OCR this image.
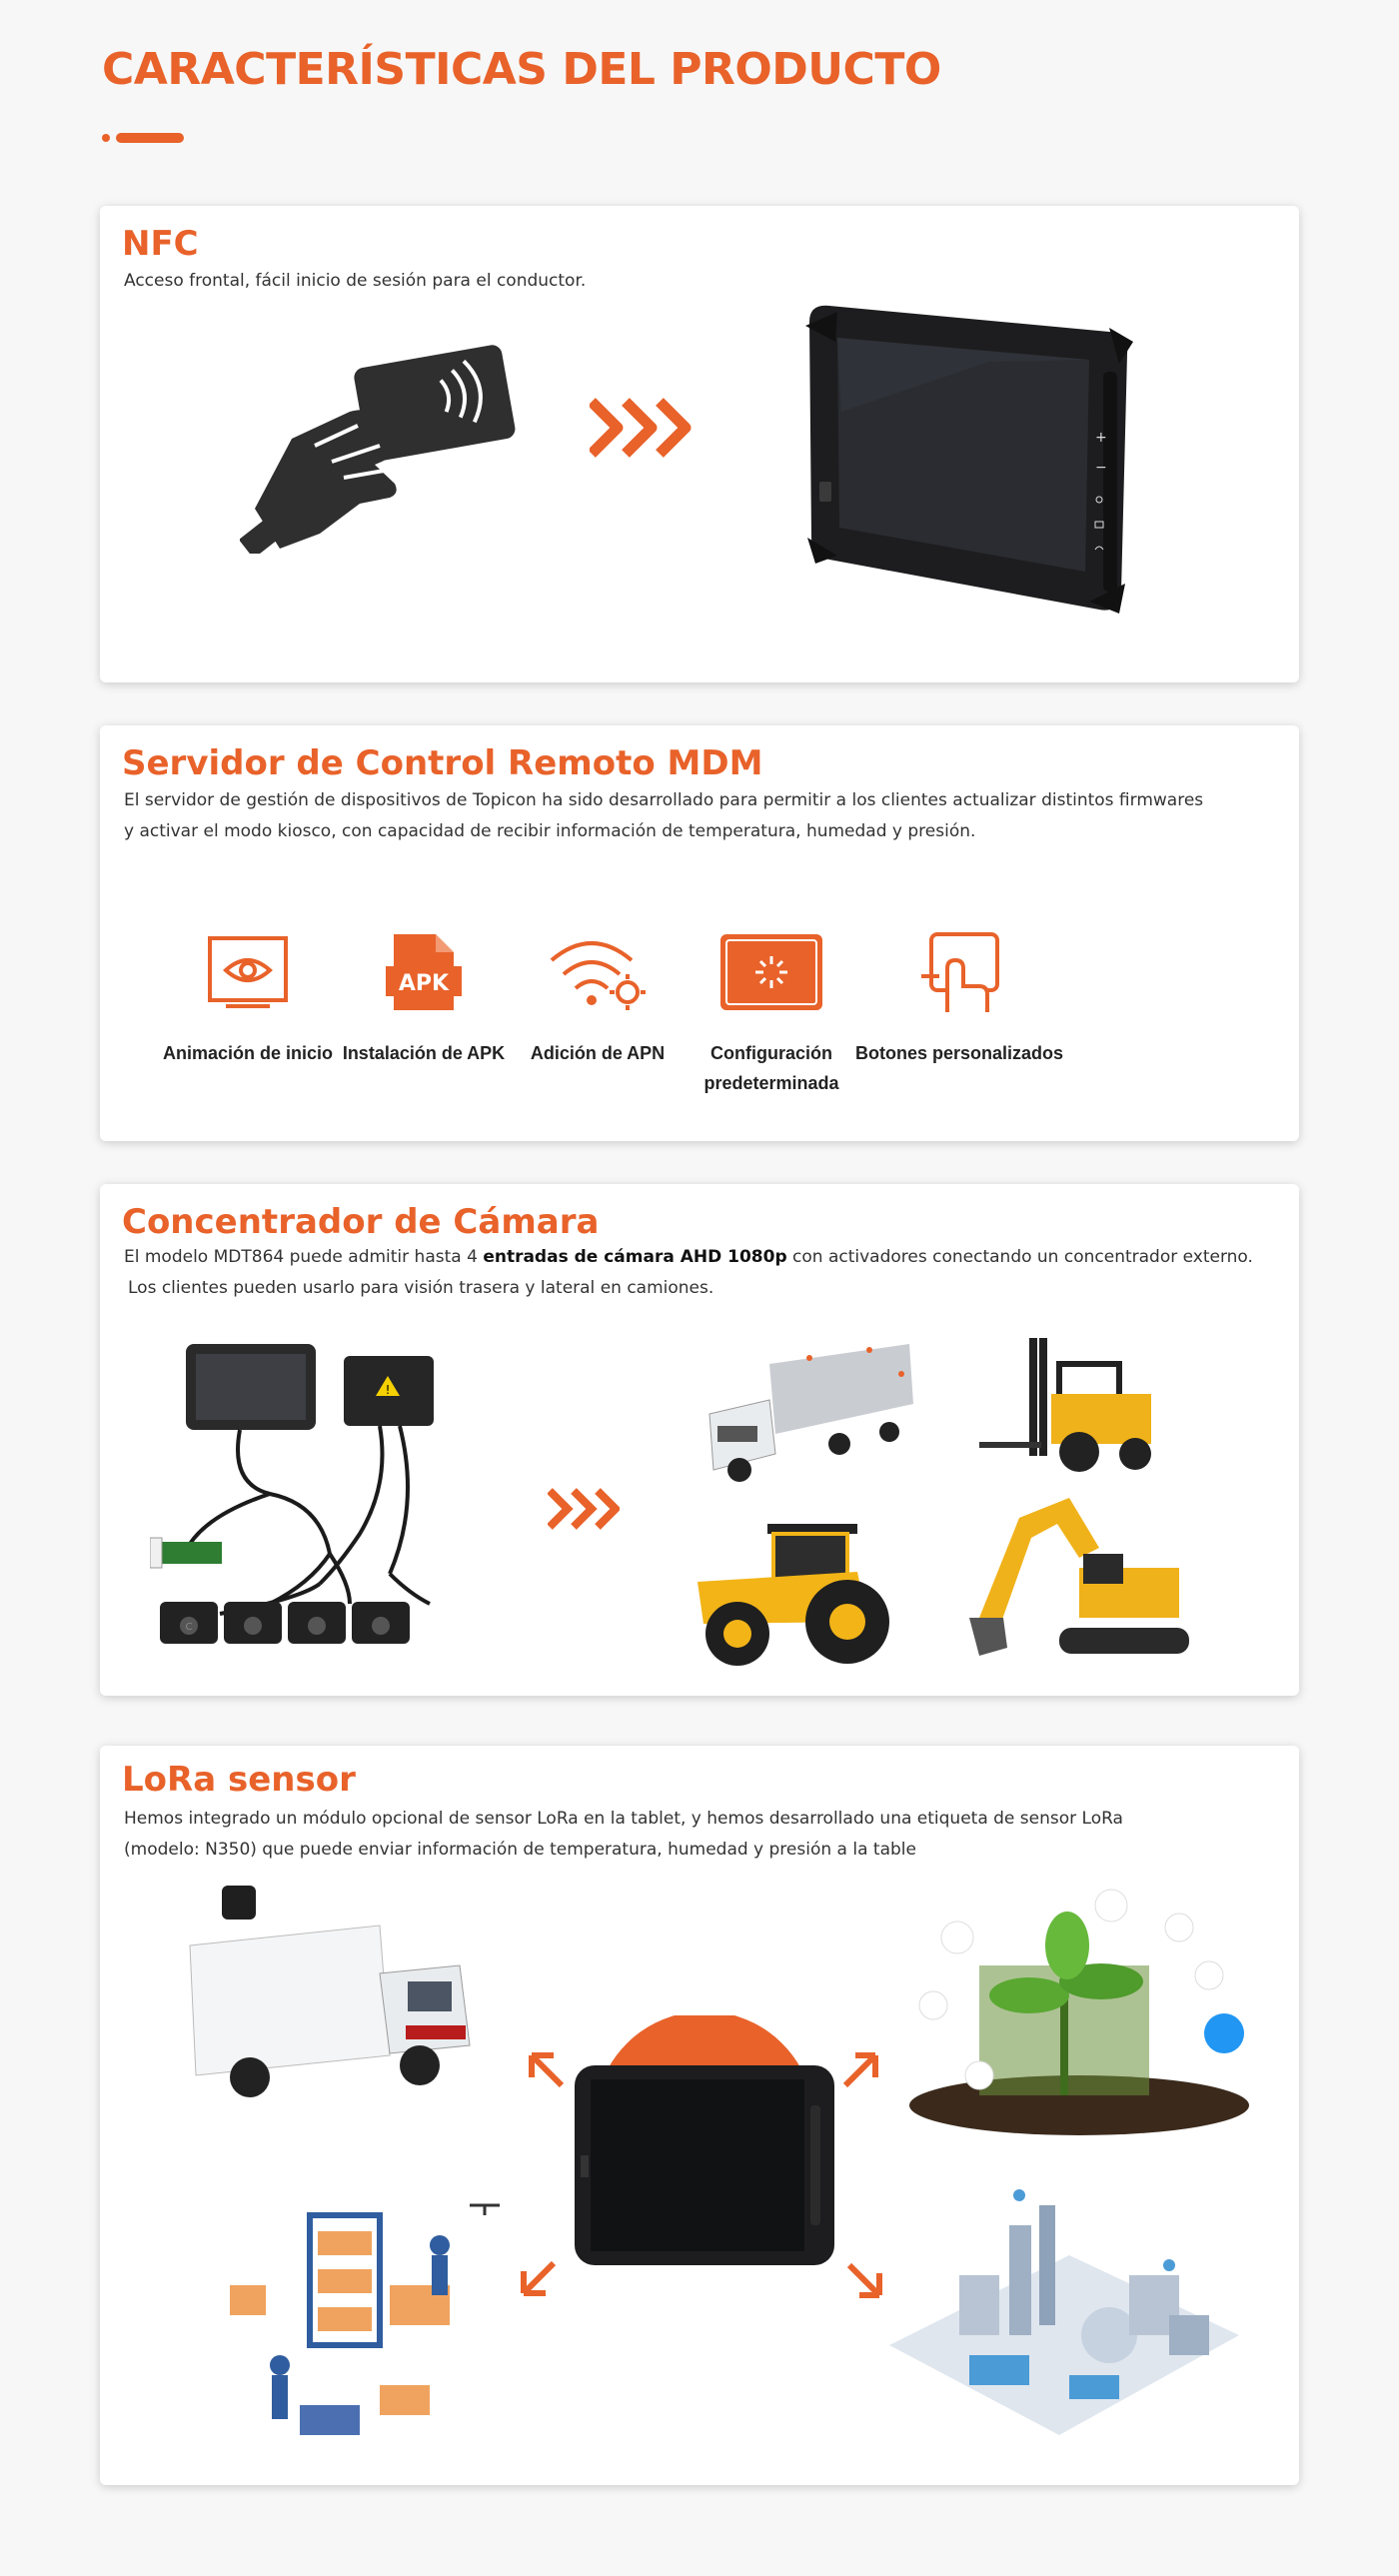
CARACTERÍSTICAS DEL PRODUCTO
NFC

Acceso frontal, fácil inicio de sesión para el conductor.

+
−
Servidor de Control Remoto MDM

El servidor de gestión de dispositivos de Topicon ha sido desarrollado para permitir a los clientes actualizar distintos firmwares

y activar el modo kiosco, con capacidad de recibir información de temperatura, humedad y presión.

Animación de inicio
APK
Instalación de APK	Adición de APN	Configuración
predeterminada
Botones personalizados
Concentrador de Cámara

El modelo MDT864 puede admitir hasta 4 entradas de cámara AHD 1080p con activadores conectando un concentrador externo.

Los clientes pueden usarlo para visión trasera y lateral en camiones.

!
C
LoRa sensor

Hemos integrado un módulo opcional de sensor LoRa en la tablet, y hemos desarrollado una etiqueta de sensor LoRa

(modelo: N350) que puede enviar información de temperatura, humedad y presión a la table
